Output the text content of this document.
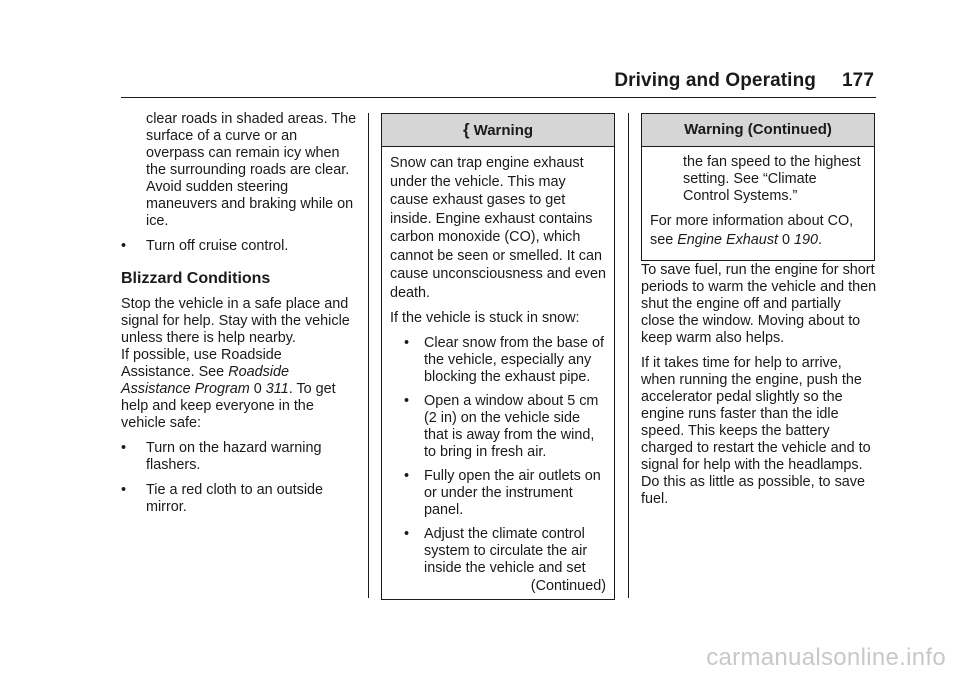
Driving and Operating 177

clear roads in shaded areas. The surface of a curve or an overpass can remain icy when the surrounding roads are clear. Avoid sudden steering maneuvers and braking while on ice.

• Turn off cruise control.
Blizzard Conditions

Stop the vehicle in a safe place and signal for help. Stay with the vehicle unless there is help nearby.

If possible, use Roadside Assistance. See Roadside Assistance Program 0 311. To get help and keep everyone in the vehicle safe:

• Turn on the hazard warning flashers.
• Tie a red cloth to an outside mirror.
{ Warning

Snow can trap engine exhaust under the vehicle. This may cause exhaust gases to get inside. Engine exhaust contains carbon monoxide (CO), which cannot be seen or smelled. It can cause unconsciousness and even death.

If the vehicle is stuck in snow:

• Clear snow from the base of the vehicle, especially any blocking the exhaust pipe.
• Open a window about 5 cm (2 in) on the vehicle side that is away from the wind, to bring in fresh air.
• Fully open the air outlets on or under the instrument panel.
• Adjust the climate control system to circulate the air inside the vehicle and set
(Continued)
Warning (Continued)

the fan speed to the highest setting. See “Climate Control Systems.”

For more information about CO, see Engine Exhaust 0 190.

To save fuel, run the engine for short periods to warm the vehicle and then shut the engine off and partially close the window. Moving about to keep warm also helps.

If it takes time for help to arrive, when running the engine, push the accelerator pedal slightly so the engine runs faster than the idle speed. This keeps the battery charged to restart the vehicle and to signal for help with the headlamps. Do this as little as possible, to save fuel.

carmanualsonline.info
